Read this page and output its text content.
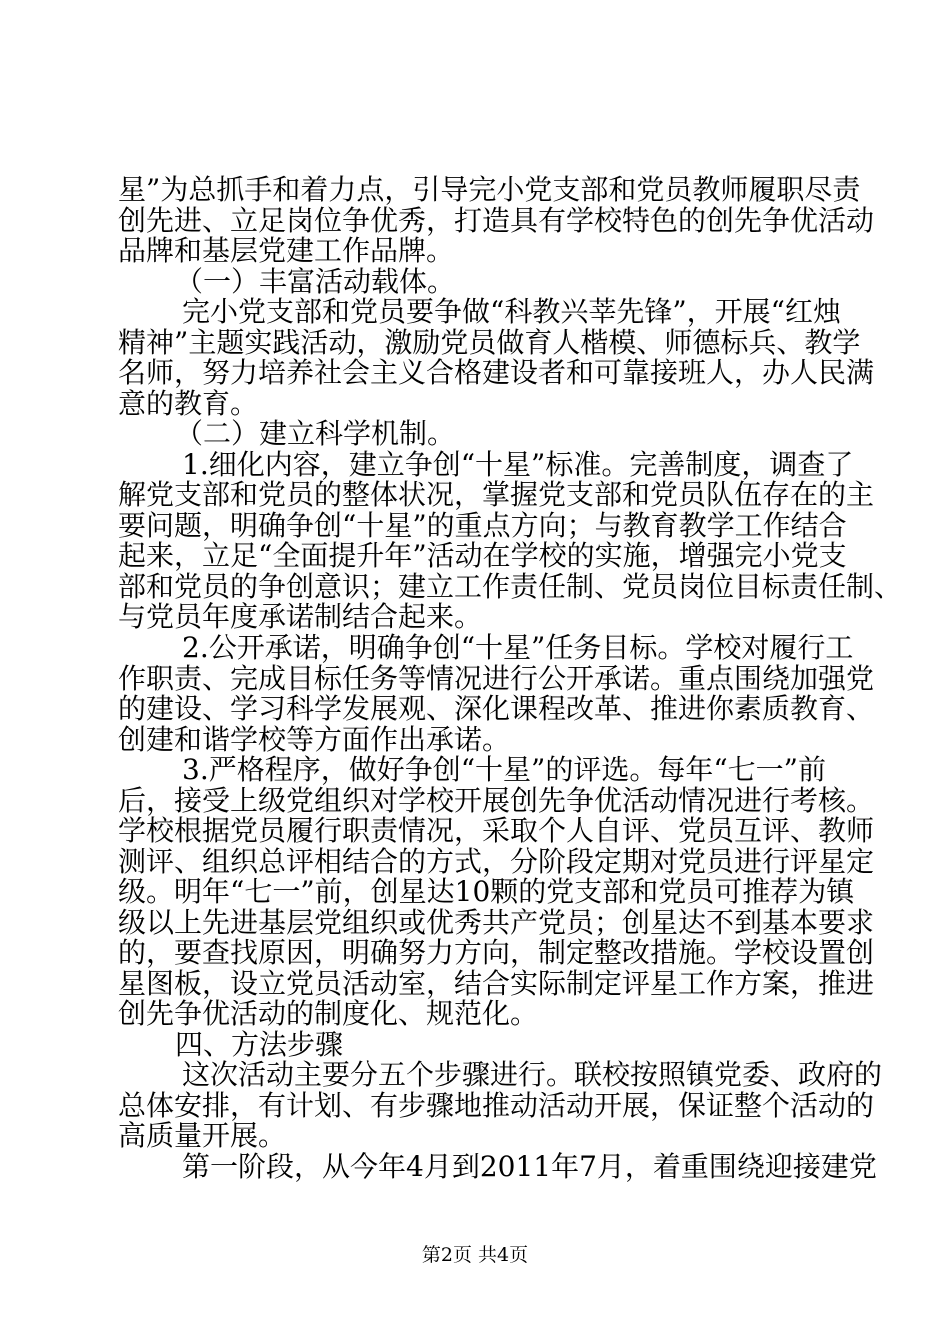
星”为总抓手和着力点，引导完小党支部和党员教师履职尽责
创先进、立足岗位争优秀，打造具有学校特色的创先争优活动
品牌和基层党建工作品牌。
（一）丰富活动载体。
完小党支部和党员要争做“科教兴莘先锋”，开展“红烛
精神”主题实践活动，激励党员做育人楷模、师德标兵、教学
名师，努力培养社会主义合格建设者和可靠接班人，办人民满
意的教育。
（二）建立科学机制。
1.细化内容，建立争创“十星”标准。完善制度，调查了
解党支部和党员的整体状况，掌握党支部和党员队伍存在的主
要问题，明确争创“十星”的重点方向；与教育教学工作结合
起来，立足“全面提升年”活动在学校的实施，增强完小党支
部和党员的争创意识；建立工作责任制、党员岗位目标责任制、
与党员年度承诺制结合起来。
2.公开承诺，明确争创“十星”任务目标。学校对履行工
作职责、完成目标任务等情况进行公开承诺。重点围绕加强党
的建设、学习科学发展观、深化课程改革、推进你素质教育、
创建和谐学校等方面作出承诺。
3.严格程序，做好争创“十星”的评选。每年“七一”前
后，接受上级党组织对学校开展创先争优活动情况进行考核。
学校根据党员履行职责情况，采取个人自评、党员互评、教师
测评、组织总评相结合的方式，分阶段定期对党员进行评星定
级。明年“七一”前，创星达10颗的党支部和党员可推荐为镇
级以上先进基层党组织或优秀共产党员；创星达不到基本要求
的，要查找原因，明确努力方向，制定整改措施。学校设置创
星图板，设立党员活动室，结合实际制定评星工作方案，推进
创先争优活动的制度化、规范化。
四、方法步骤
这次活动主要分五个步骤进行。联校按照镇党委、政府的
总体安排，有计划、有步骤地推动活动开展，保证整个活动的
高质量开展。
第一阶段，从今年4月到2011年7月，着重围绕迎接建党
第2页 共4页
